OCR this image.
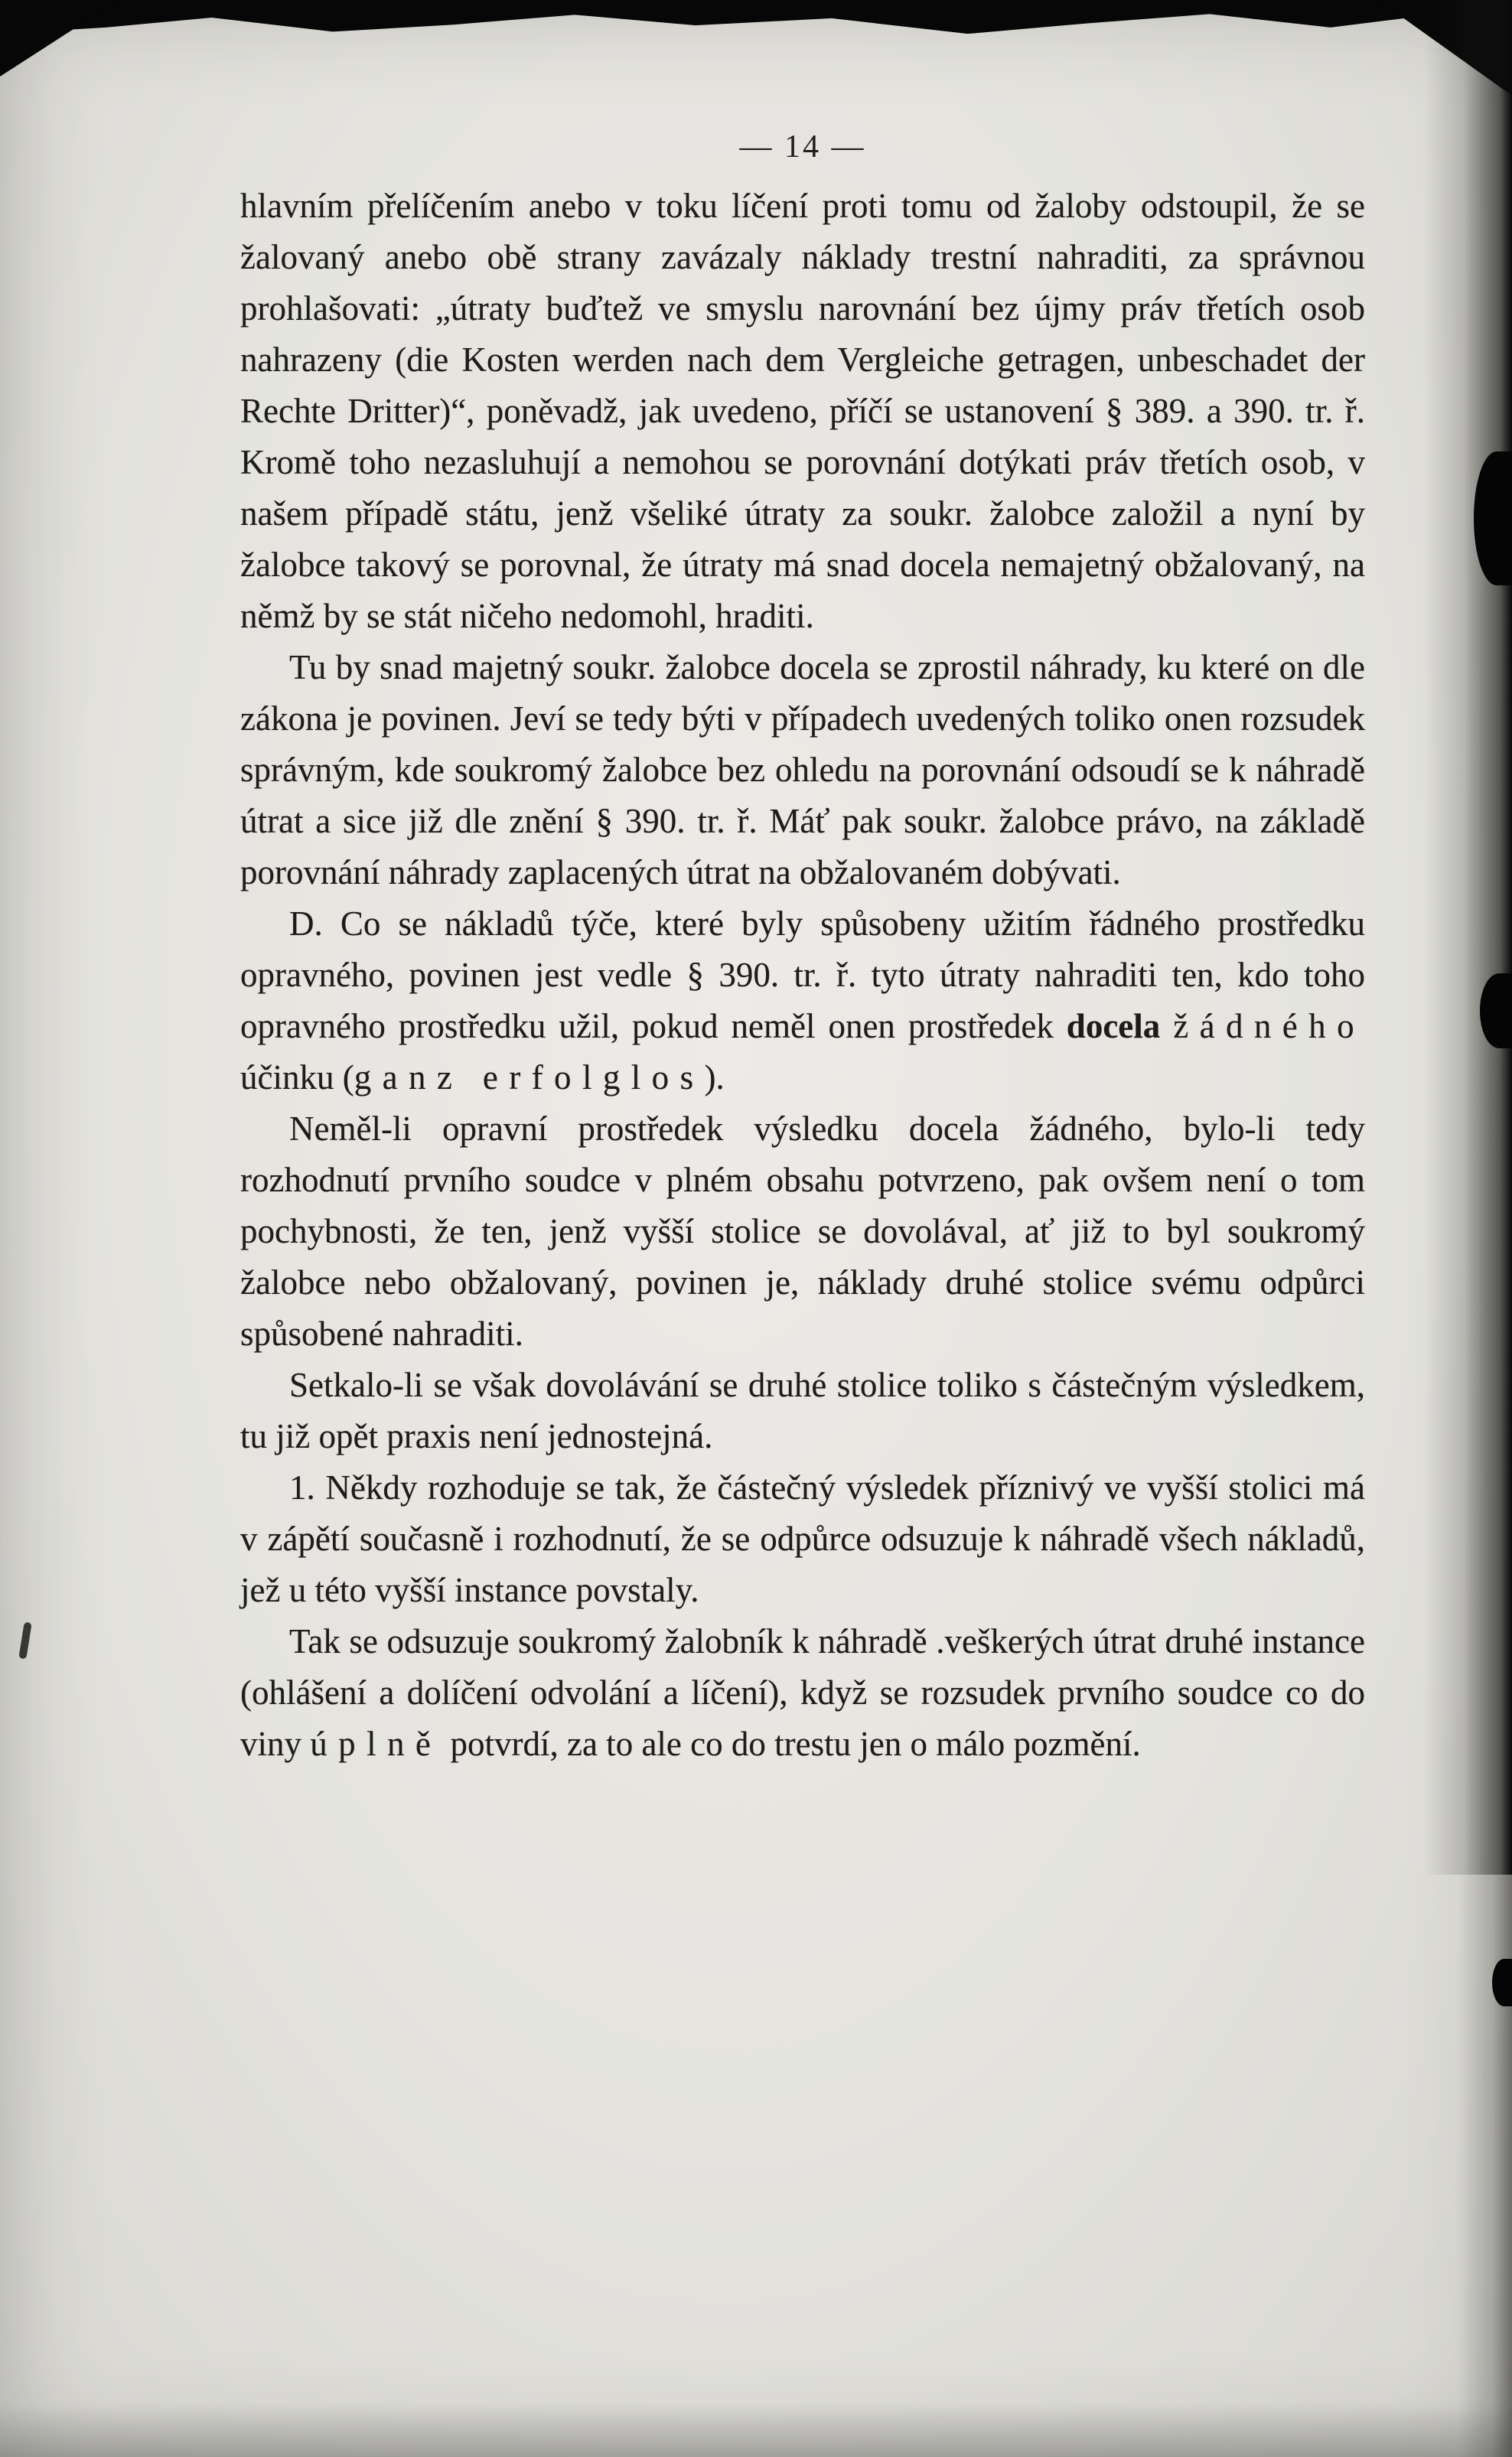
— 14 —

hlavním přelíčením anebo v toku líčení proti tomu od žaloby odstoupil, že se žalovaný anebo obě strany zavázaly náklady trestní nahraditi, za správnou prohlašovati: „útraty buďtež ve smyslu narovnání bez újmy práv třetích osob nahrazeny (die Kosten werden nach dem Vergleiche getragen, unbeschadet der Rechte Dritter)“, poněvadž, jak uvedeno, příčí se ustanovení § 389. a 390. tr. ř. Kromě toho nezasluhují a nemohou se porovnání dotýkati práv třetích osob, v našem případě státu, jenž všeliké útraty za soukr. žalobce založil a nyní by žalobce takový se porovnal, že útraty má snad docela nemajetný obžalovaný, na němž by se stát ničeho nedomohl, hraditi.

Tu by snad majetný soukr. žalobce docela se zprostil náhrady, ku které on dle zákona je povinen. Jeví se tedy býti v případech uvedených toliko onen rozsudek správným, kde soukromý žalobce bez ohledu na porovnání odsoudí se k náhradě útrat a sice již dle znění § 390. tr. ř. Máť pak soukr. žalobce právo, na základě porovnání náhrady zaplacených útrat na obžalovaném dobývati.

D. Co se nákladů týče, které byly spůsobeny užitím řádného prostředku opravného, povinen jest vedle § 390. tr. ř. tyto útraty nahraditi ten, kdo toho opravného prostředku užil, pokud neměl onen prostředek docela žádného účinku (ganz erfolglos).

Neměl-li opravní prostředek výsledku docela žádného, bylo-li tedy rozhodnutí prvního soudce v plném obsahu potvrzeno, pak ovšem není o tom pochybnosti, že ten, jenž vyšší stolice se dovolával, ať již to byl soukromý žalobce nebo obžalovaný, povinen je, náklady druhé stolice svému odpůrci spůsobené nahraditi.

Setkalo-li se však dovolávání se druhé stolice toliko s částečným výsledkem, tu již opět praxis není jednostejná.

1. Někdy rozhoduje se tak, že částečný výsledek příznivý ve vyšší stolici má v zápětí současně i rozhodnutí, že se odpůrce odsuzuje k náhradě všech nákladů, jež u této vyšší instance povstaly.

Tak se odsuzuje soukromý žalobník k náhradě .veškerých útrat druhé instance (ohlášení a dolíčení odvolání a líčení), když se rozsudek prvního soudce co do viny úplně potvrdí, za to ale co do trestu jen o málo pozmění.
